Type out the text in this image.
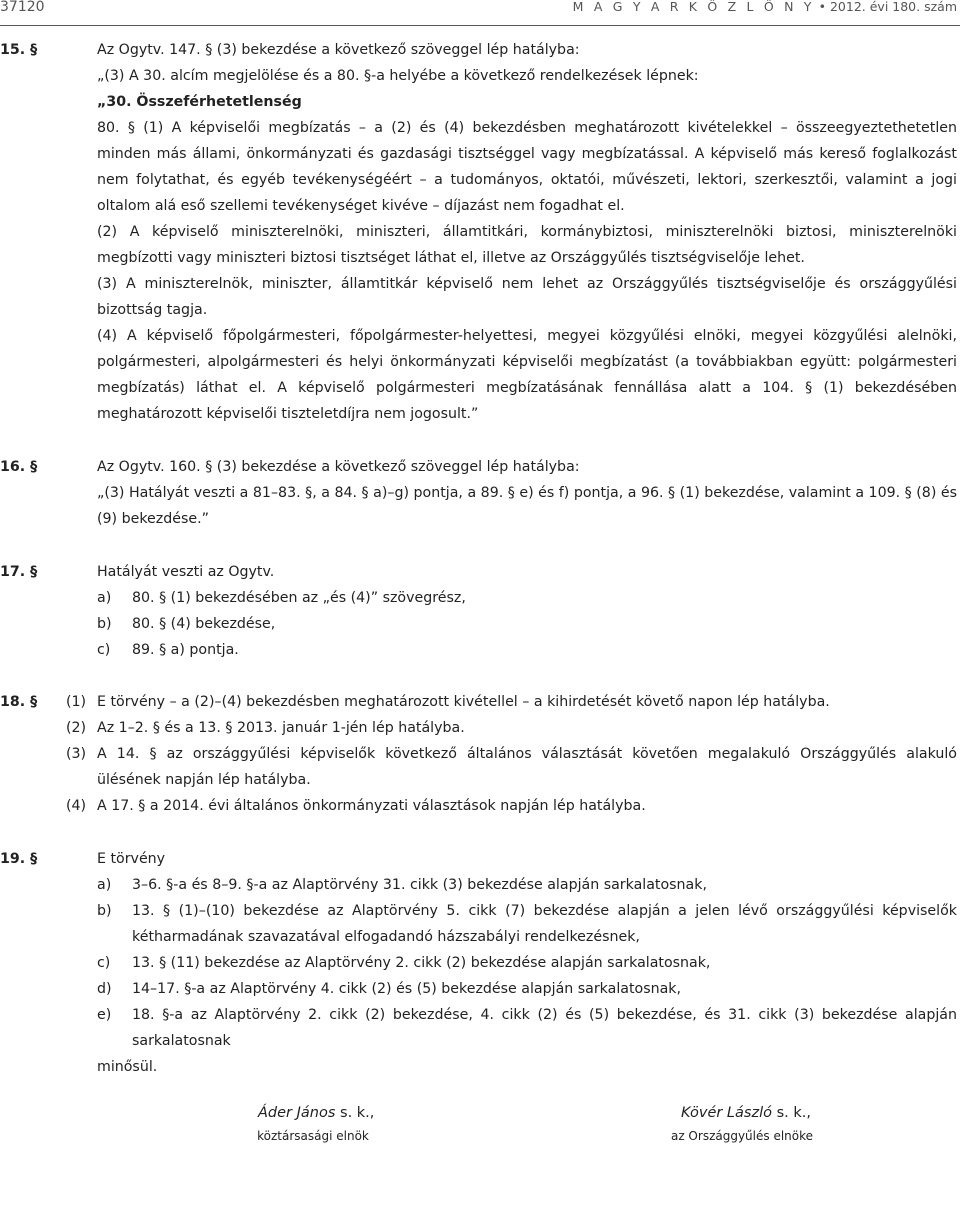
37120	M A G Y A R K Ö Z L Ö N Y • 2012. évi 180. szám
15. §	Az Ogytv. 147. § (3) bekezdése a következő szöveggel lép hatályba:
„(3) A 30. alcím megjelölése és a 80. §-a helyébe a következő rendelkezések lépnek:
„30. Összeférhetetlenség
80. § (1) A képviselői megbízatás – a (2) és (4) bekezdésben meghatározott kivételekkel – összeegyeztethetetlen
minden más állami, önkormányzati és gazdasági tisztséggel vagy megbízatással. A képviselő más kereső foglalkozást
nem folytathat, és egyéb tevékenységéért – a tudományos, oktatói, művészeti, lektori, szerkesztői, valamint a jogi
oltalom alá eső szellemi tevékenységet kivéve – díjazást nem fogadhat el.
(2) A képviselő miniszterelnöki, miniszteri, államtitkári, kormánybiztosi, miniszterelnöki biztosi, miniszterelnöki
megbízotti vagy miniszteri biztosi tisztséget láthat el, illetve az Országgyűlés tisztségviselője lehet.
(3) A miniszterelnök, miniszter, államtitkár képviselő nem lehet az Országgyűlés tisztségviselője és országgyűlési
bizottság tagja.
(4) A képviselő főpolgármesteri, főpolgármester-helyettesi, megyei közgyűlési elnöki, megyei közgyűlési alelnöki,
polgármesteri, alpolgármesteri és helyi önkormányzati képviselői megbízatást (a továbbiakban együtt: polgármesteri
megbízatás) láthat el. A képviselő polgármesteri megbízatásának fennállása alatt a 104. § (1) bekezdésében
meghatározott képviselői tiszteletdíjra nem jogosult.”
16. §	Az Ogytv. 160. § (3) bekezdése a következő szöveggel lép hatályba:
„(3) Hatályát veszti a 81–83. §, a 84. § a)–g) pontja, a 89. § e) és f) pontja, a 96. § (1) bekezdése, valamint a 109. § (8) és
(9) bekezdése.”
17. §	Hatályát veszti az Ogytv.
a) 80. § (1) bekezdésében az „és (4)” szövegrész,
b) 80. § (4) bekezdése,
c) 89. § a) pontja.
18. § (1) E törvény – a (2)–(4) bekezdésben meghatározott kivétellel – a kihirdetését követő napon lép hatályba.
(2) Az 1–2. § és a 13. § 2013. január 1-jén lép hatályba.
(3) A 14. § az országgyűlési képviselők következő általános választását követően megalakuló Országgyűlés alakuló
ülésének napján lép hatályba.
(4) A 17. § a 2014. évi általános önkormányzati választások napján lép hatályba.
19. §	E törvény
a) 3–6. §-a és 8–9. §-a az Alaptörvény 31. cikk (3) bekezdése alapján sarkalatosnak,
b) 13. § (1)–(10) bekezdése az Alaptörvény 5. cikk (7) bekezdése alapján a jelen lévő országgyűlési képviselők
kétharmadának szavazatával elfogadandó házszabályi rendelkezésnek,
c) 13. § (11) bekezdése az Alaptörvény 2. cikk (2) bekezdése alapján sarkalatosnak,
d) 14–17. §-a az Alaptörvény 4. cikk (2) és (5) bekezdése alapján sarkalatosnak,
e) 18. §-a az Alaptörvény 2. cikk (2) bekezdése, 4. cikk (2) és (5) bekezdése, és 31. cikk (3) bekezdése alapján
sarkalatosnak
minősül.
Áder János s. k.,
köztársasági elnök
Kövér László s. k.,
az Országgyűlés elnöke
